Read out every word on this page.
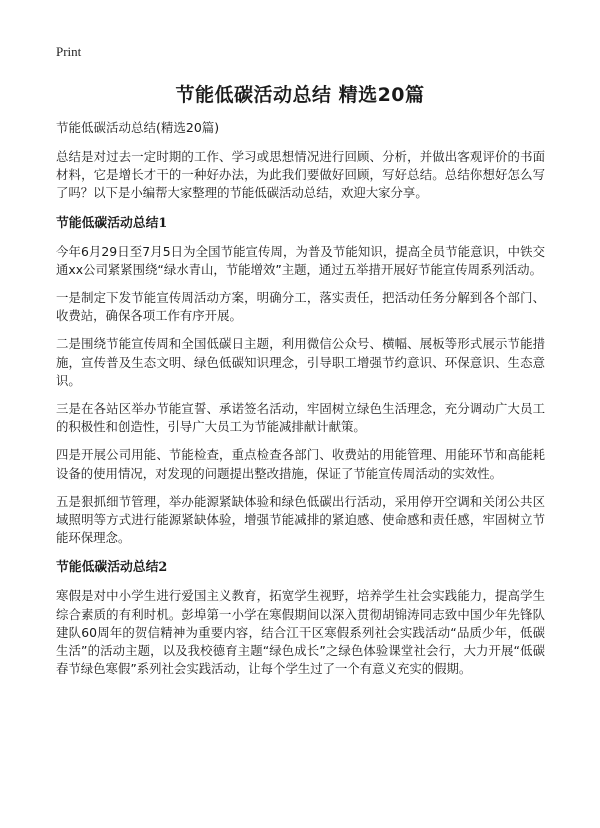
Print
节能低碳活动总结 精选20篇
节能低碳活动总结(精选20篇)

总结是对过去一定时期的工作、学习或思想情况进行回顾、分析，并做出客观评价的书面材料，它是增长才干的一种好办法，为此我们要做好回顾，写好总结。总结你想好怎么写了吗？以下是小编帮大家整理的节能低碳活动总结，欢迎大家分享。

节能低碳活动总结1

今年6月29日至7月5日为全国节能宣传周，为普及节能知识，提高全员节能意识，中铁交通xx公司紧紧围绕“绿水青山，节能增效”主题，通过五举措开展好节能宣传周系列活动。

一是制定下发节能宣传周活动方案，明确分工，落实责任，把活动任务分解到各个部门、收费站，确保各项工作有序开展。

二是围绕节能宣传周和全国低碳日主题，利用微信公众号、横幅、展板等形式展示节能措施，宣传普及生态文明、绿色低碳知识理念，引导职工增强节约意识、环保意识、生态意识。

三是在各站区举办节能宣誓、承诺签名活动，牢固树立绿色生活理念，充分调动广大员工的积极性和创造性，引导广大员工为节能减排献计献策。

四是开展公司用能、节能检查，重点检查各部门、收费站的用能管理、用能环节和高能耗设备的使用情况，对发现的问题提出整改措施，保证了节能宣传周活动的实效性。

五是狠抓细节管理，举办能源紧缺体验和绿色低碳出行活动，采用停开空调和关闭公共区域照明等方式进行能源紧缺体验，增强节能减排的紧迫感、使命感和责任感，牢固树立节能环保理念。

节能低碳活动总结2

寒假是对中小学生进行爱国主义教育，拓宽学生视野，培养学生社会实践能力，提高学生综合素质的有利时机。彭埠第一小学在寒假期间以深入贯彻胡锦涛同志致中国少年先锋队建队60周年的贺信精神为重要内容，结合江干区寒假系列社会实践活动“品质少年，低碳生活”的活动主题，以及我校德育主题“绿色成长”之绿色体验课堂社会行，大力开展“低碳春节绿色寒假”系列社会实践活动，让每个学生过了一个有意义充实的假期。
